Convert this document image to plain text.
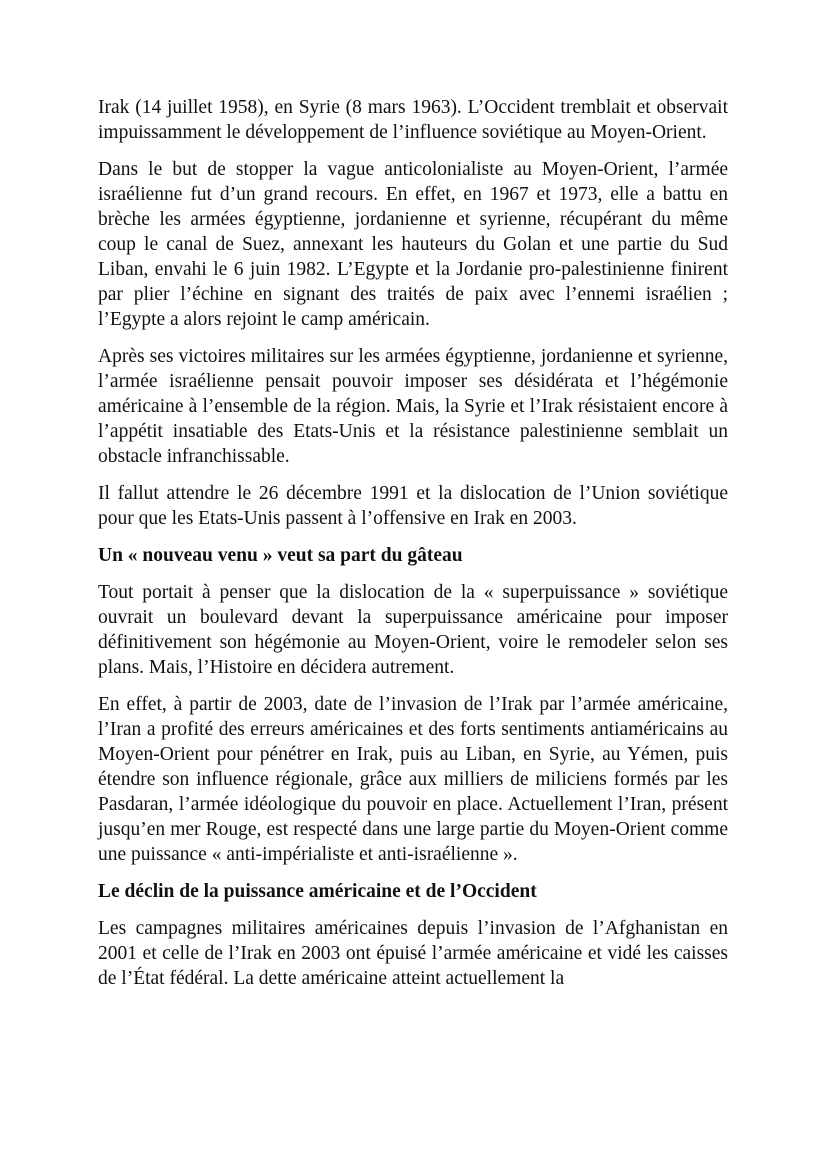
Irak (14 juillet 1958), en Syrie (8 mars 1963). L’Occident tremblait et observait impuissamment le développement de l’influence soviétique au Moyen-Orient.

Dans le but de stopper la vague anticolonialiste au Moyen-Orient, l’armée israélienne fut d’un grand recours. En effet, en 1967 et 1973, elle a battu en brèche les armées égyptienne, jordanienne et syrienne, récupérant du même coup le canal de Suez, annexant les hauteurs du Golan et une partie du Sud Liban, envahi le 6 juin 1982. L’Egypte et la Jordanie pro-palestinienne finirent par plier l’échine en signant des traités de paix avec l’ennemi israélien ; l’Egypte a alors rejoint le camp américain.

Après ses victoires militaires sur les armées égyptienne, jordanienne et syrienne, l’armée israélienne pensait pouvoir imposer ses désidérata et l’hégémonie américaine à l’ensemble de la région. Mais, la Syrie et l’Irak résistaient encore à l’appétit insatiable des Etats-Unis et la résistance palestinienne semblait un obstacle infranchissable.

Il fallut attendre le 26 décembre 1991 et la dislocation de l’Union soviétique pour que les Etats-Unis passent à l’offensive en Irak en 2003.

Un « nouveau venu » veut sa part du gâteau

Tout portait à penser que la dislocation de la « superpuissance » soviétique ouvrait un boulevard devant la superpuissance américaine pour imposer définitivement son hégémonie au Moyen-Orient, voire le remodeler selon ses plans. Mais, l’Histoire en décidera autrement.

En effet, à partir de 2003, date de l’invasion de l’Irak par l’armée américaine, l’Iran a profité des erreurs américaines et des forts sentiments antiaméricains au Moyen-Orient pour pénétrer en Irak, puis au Liban, en Syrie, au Yémen, puis étendre son influence régionale, grâce aux milliers de miliciens formés par les Pasdaran, l’armée idéologique du pouvoir en place. Actuellement l’Iran, présent jusqu’en mer Rouge, est respecté dans une large partie du Moyen-Orient comme une puissance « anti-impérialiste et anti-israélienne ».

Le déclin de la puissance américaine et de l’Occident

Les campagnes militaires américaines depuis l’invasion de l’Afghanistan en 2001 et celle de l’Irak en 2003 ont épuisé l’armée américaine et vidé les caisses de l’État fédéral. La dette américaine atteint actuellement la
